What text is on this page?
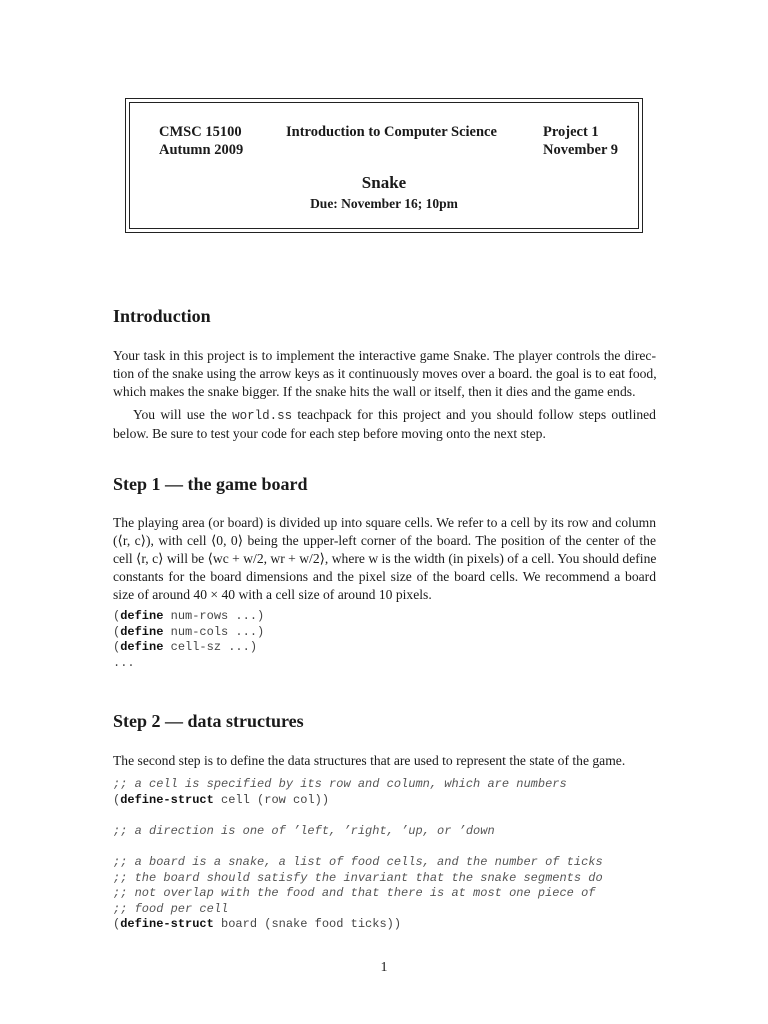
CMSC 15100
Autumn 2009
Introduction to Computer Science	Project 1
November 9
Snake
Due: November 16; 10pm
Introduction
Your task in this project is to implement the interactive game Snake. The player controls the direc-
tion of the snake using the arrow keys as it continuously moves over a board. the goal is to eat food,
which makes the snake bigger. If the snake hits the wall or itself, then it dies and the game ends.
You will use the world.ss teachpack for this project and you should follow steps outlined
below. Be sure to test your code for each step before moving onto the next step.
Step 1 — the game board
The playing area (or board) is divided up into square cells. We refer to a cell by its row and column
(⟨r, c⟩), with cell ⟨0, 0⟩ being the upper-left corner of the board. The position of the center of the
cell ⟨r, c⟩ will be ⟨wc + w/2, wr + w/2⟩, where w is the width (in pixels) of a cell. You should define
constants for the board dimensions and the pixel size of the board cells. We recommend a board
size of around 40 × 40 with a cell size of around 10 pixels.
(define num-rows ...)
(define num-cols ...)
(define cell-sz ...)
...
Step 2 — data structures
The second step is to define the data structures that are used to represent the state of the game.
;; a cell is specified by its row and column, which are numbers
(define-struct cell (row col))

;; a direction is one of ’left, ’right, ’up, or ’down

;; a board is a snake, a list of food cells, and the number of ticks
;; the board should satisfy the invariant that the snake segments do
;; not overlap with the food and that there is at most one piece of
;; food per cell
(define-struct board (snake food ticks))
1
